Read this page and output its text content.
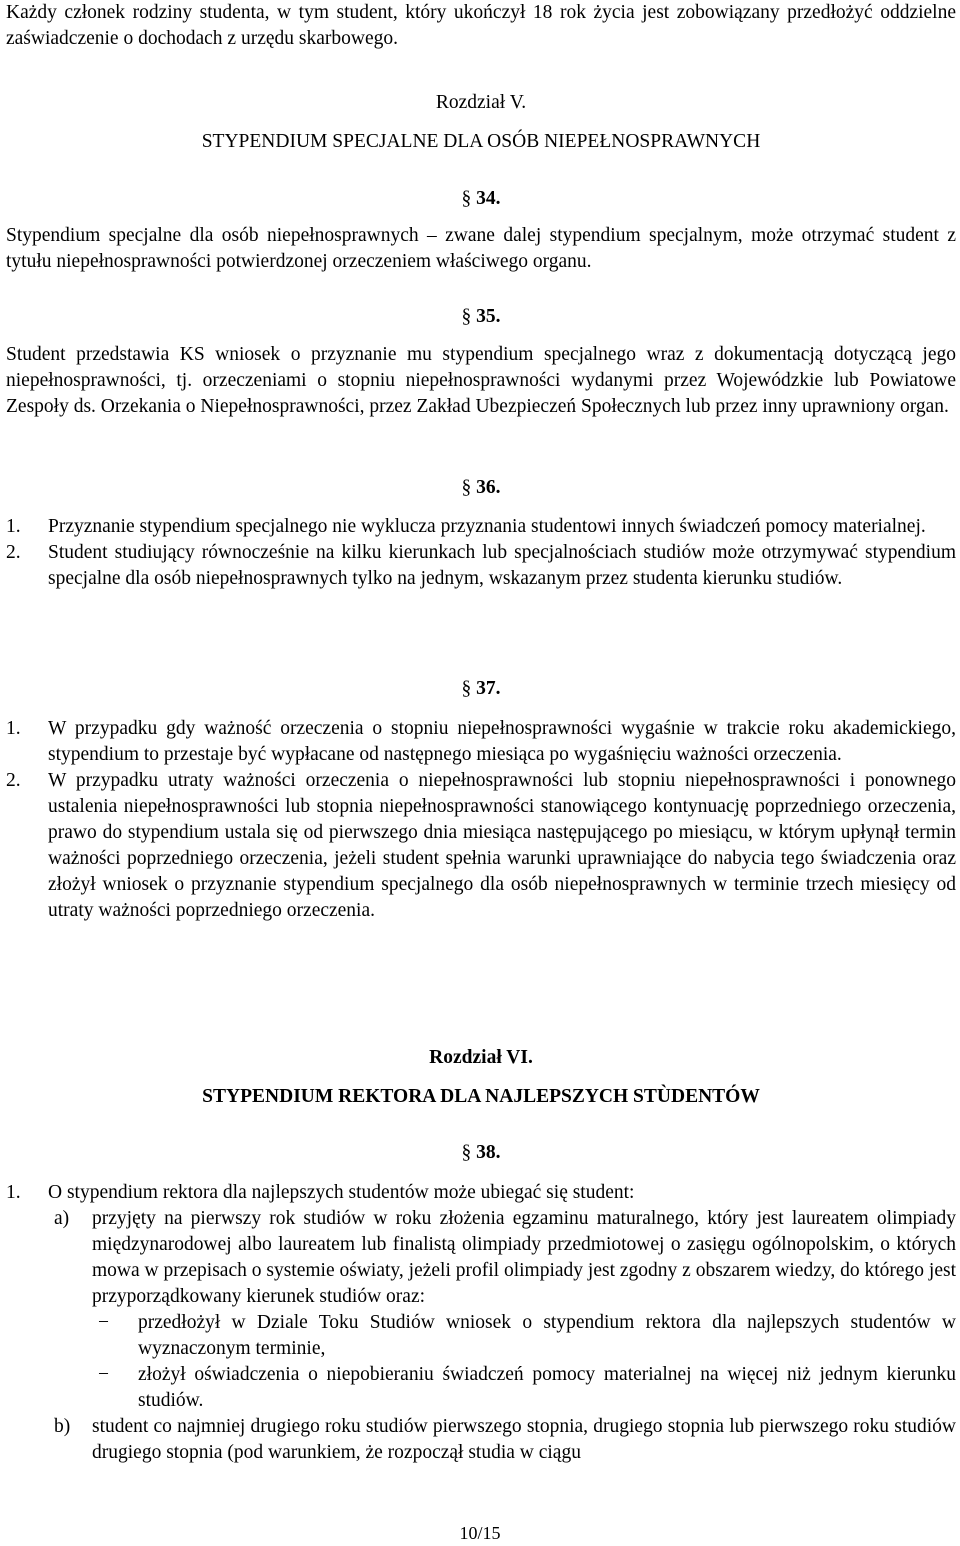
Każdy członek rodziny studenta, w tym student, który ukończył 18 rok życia jest zobowiązany przedłożyć oddzielne zaświadczenie o dochodach z urzędu skarbowego.

Rozdział V.

STYPENDIUM SPECJALNE DLA OSÓB NIEPEŁNOSPRAWNYCH

§ 34.

Stypendium specjalne dla osób niepełnosprawnych – zwane dalej stypendium specjalnym, może otrzymać student z tytułu niepełnosprawności potwierdzonej orzeczeniem właściwego organu.

§ 35.

Student przedstawia KS wniosek o przyznanie mu stypendium specjalnego wraz z dokumentacją dotyczącą jego niepełnosprawności, tj. orzeczeniami o stopniu niepełnosprawności wydanymi przez Wojewódzkie lub Powiatowe Zespoły ds. Orzekania o Niepełnosprawności, przez Zakład Ubezpieczeń Społecznych lub przez inny uprawniony organ.

§ 36.

1. Przyznanie stypendium specjalnego nie wyklucza przyznania studentowi innych świadczeń pomocy materialnej.
2. Student studiujący równocześnie na kilku kierunkach lub specjalnościach studiów może otrzymywać stypendium specjalne dla osób niepełnosprawnych tylko na jednym, wskazanym przez studenta kierunku studiów.

§ 37.

1. W przypadku gdy ważność orzeczenia o stopniu niepełnosprawności wygaśnie w trakcie roku akademickiego, stypendium to przestaje być wypłacane od następnego miesiąca po wygaśnięciu ważności orzeczenia.
2. W przypadku utraty ważności orzeczenia o niepełnosprawności lub stopniu niepełnosprawności i ponownego ustalenia niepełnosprawności lub stopnia niepełnosprawności stanowiącego kontynuację poprzedniego orzeczenia, prawo do stypendium ustala się od pierwszego dnia miesiąca następującego po miesiącu, w którym upłynął termin ważności poprzedniego orzeczenia, jeżeli student spełnia warunki uprawniające do nabycia tego świadczenia oraz złożył wniosek o przyznanie stypendium specjalnego dla osób niepełnosprawnych w terminie trzech miesięcy od utraty ważności poprzedniego orzeczenia.

Rozdział VI.

STYPENDIUM REKTORA DLA NAJLEPSZYCH STÙDENTÓW

§ 38.

1. O stypendium rektora dla najlepszych studentów może ubiegać się student:
a) przyjęty na pierwszy rok studiów w roku złożenia egzaminu maturalnego, który jest laureatem olimpiady międzynarodowej albo laureatem lub finalistą olimpiady przedmiotowej o zasięgu ogólnopolskim, o których mowa w przepisach o systemie oświaty, jeżeli profil olimpiady jest zgodny z obszarem wiedzy, do którego jest przyporządkowany kierunek studiów oraz:
− przedłożył w Dziale Toku Studiów wniosek o stypendium rektora dla najlepszych studentów w wyznaczonym terminie,
− złożył oświadczenia o niepobieraniu świadczeń pomocy materialnej na więcej niż jednym kierunku studiów.
b) student co najmniej drugiego roku studiów pierwszego stopnia, drugiego stopnia lub pierwszego roku studiów drugiego stopnia (pod warunkiem, że rozpoczął studia w ciągu
10/15
